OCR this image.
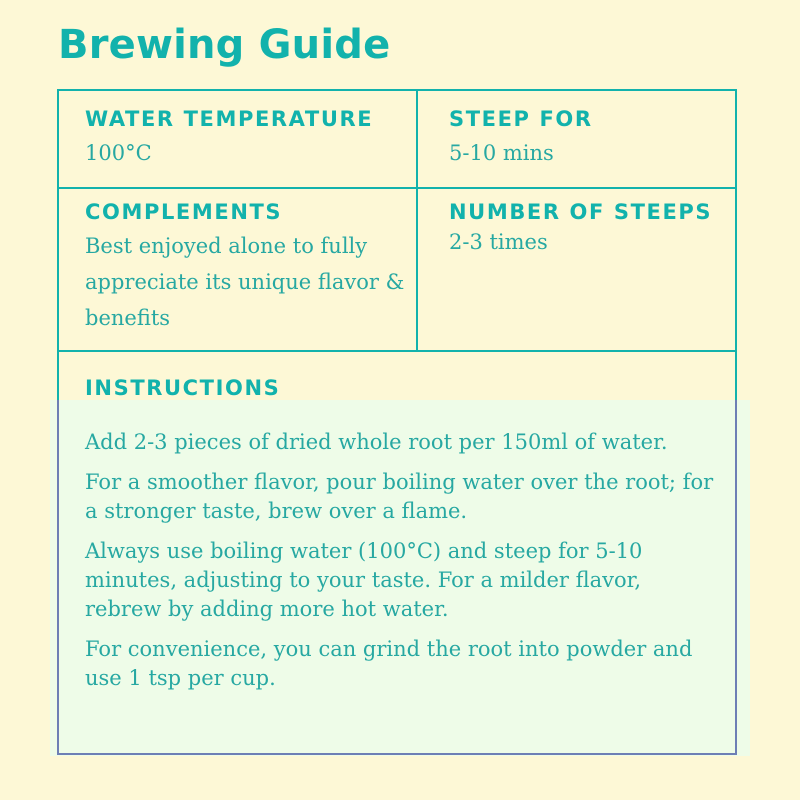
Brewing Guide
WATER TEMPERATURE
100°C
STEEP FOR
5-10 mins
COMPLEMENTS
Best enjoyed alone to fully appreciate its unique flavor & benefits
NUMBER OF STEEPS
2-3 times
INSTRUCTIONS

Add 2-3 pieces of dried whole root per 150ml of water.

For a smoother flavor, pour boiling water over the root; for a stronger taste, brew over a flame.

Always use boiling water (100°C) and steep for 5-10 minutes, adjusting to your taste. For a milder flavor, rebrew by adding more hot water.

For convenience, you can grind the root into powder and use 1 tsp per cup.
